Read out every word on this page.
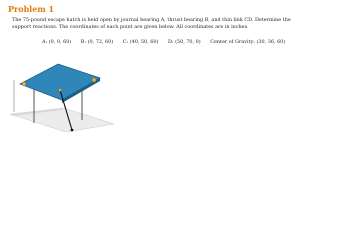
Problem 1
The 75-pound escape hatch is held open by journal bearing A, thrust bearing B, and thin link CD. Determine the
support reactions. The coordinates of each point are given below. All coordinates are in inches.
A: (0, 0, 60) B: (0, 72, 60) C: (40, 50, 60) D: (50, 70, 0) Center of Gravity: (30, 36, 60)
